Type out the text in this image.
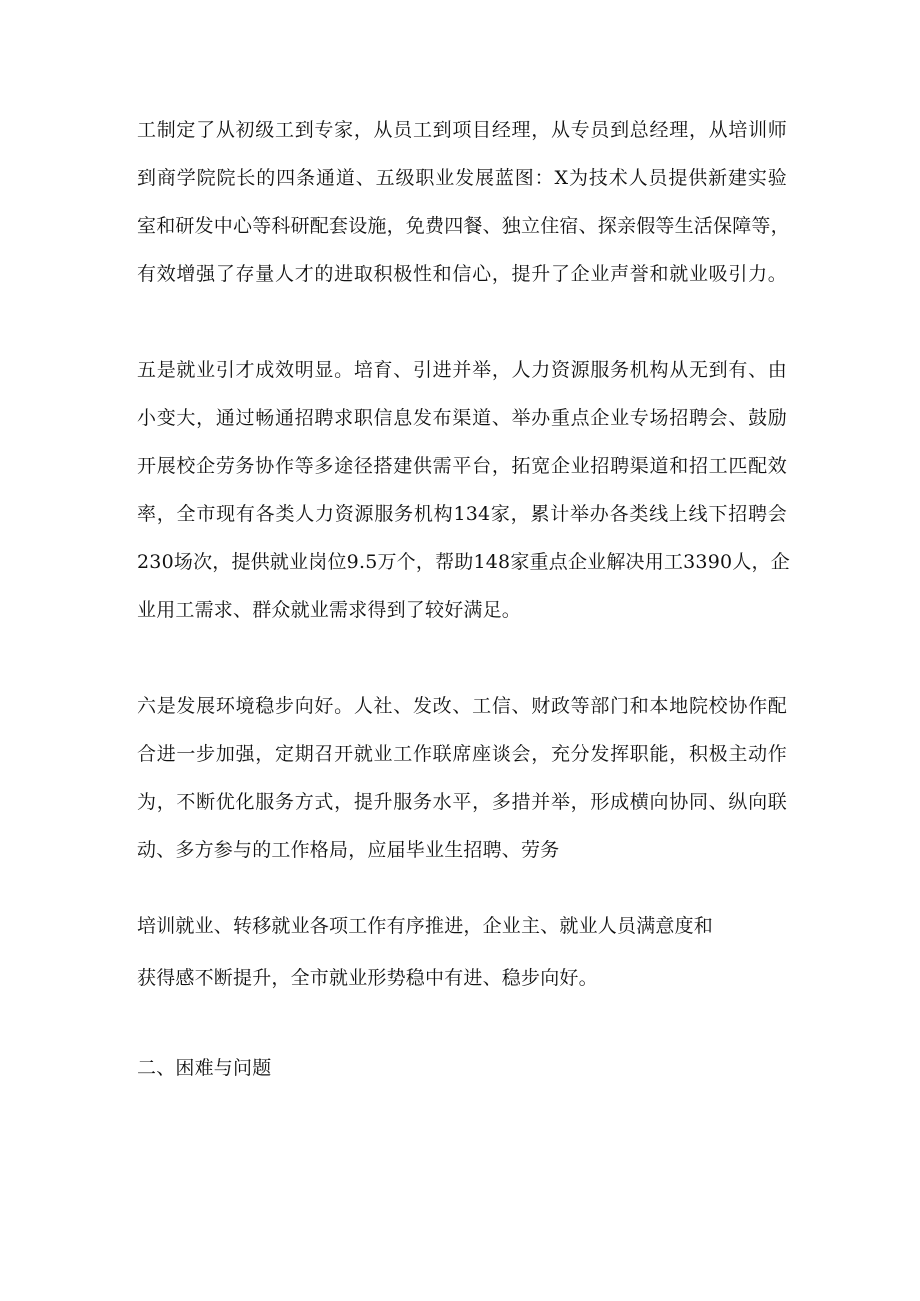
工制定了从初级工到专家，从员工到项目经理，从专员到总经理，从培训师
到商学院院长的四条通道、五级职业发展蓝图：X为技术人员提供新建实验
室和研发中心等科研配套设施，免费四餐、独立住宿、探亲假等生活保障等，
有效增强了存量人才的进取积极性和信心，提升了企业声誉和就业吸引力。
五是就业引才成效明显。培育、引进并举，人力资源服务机构从无到有、由
小变大，通过畅通招聘求职信息发布渠道、举办重点企业专场招聘会、鼓励
开展校企劳务协作等多途径搭建供需平台，拓宽企业招聘渠道和招工匹配效
率，全市现有各类人力资源服务机构134家，累计举办各类线上线下招聘会
230场次，提供就业岗位9.5万个，帮助148家重点企业解决用工3390人，企
业用工需求、群众就业需求得到了较好满足。
六是发展环境稳步向好。人社、发改、工信、财政等部门和本地院校协作配
合进一步加强，定期召开就业工作联席座谈会，充分发挥职能，积极主动作
为，不断优化服务方式，提升服务水平，多措并举，形成横向协同、纵向联
动、多方参与的工作格局，应届毕业生招聘、劳务
培训就业、转移就业各项工作有序推进，企业主、就业人员满意度和
获得感不断提升，全市就业形势稳中有进、稳步向好。
二、困难与问题
